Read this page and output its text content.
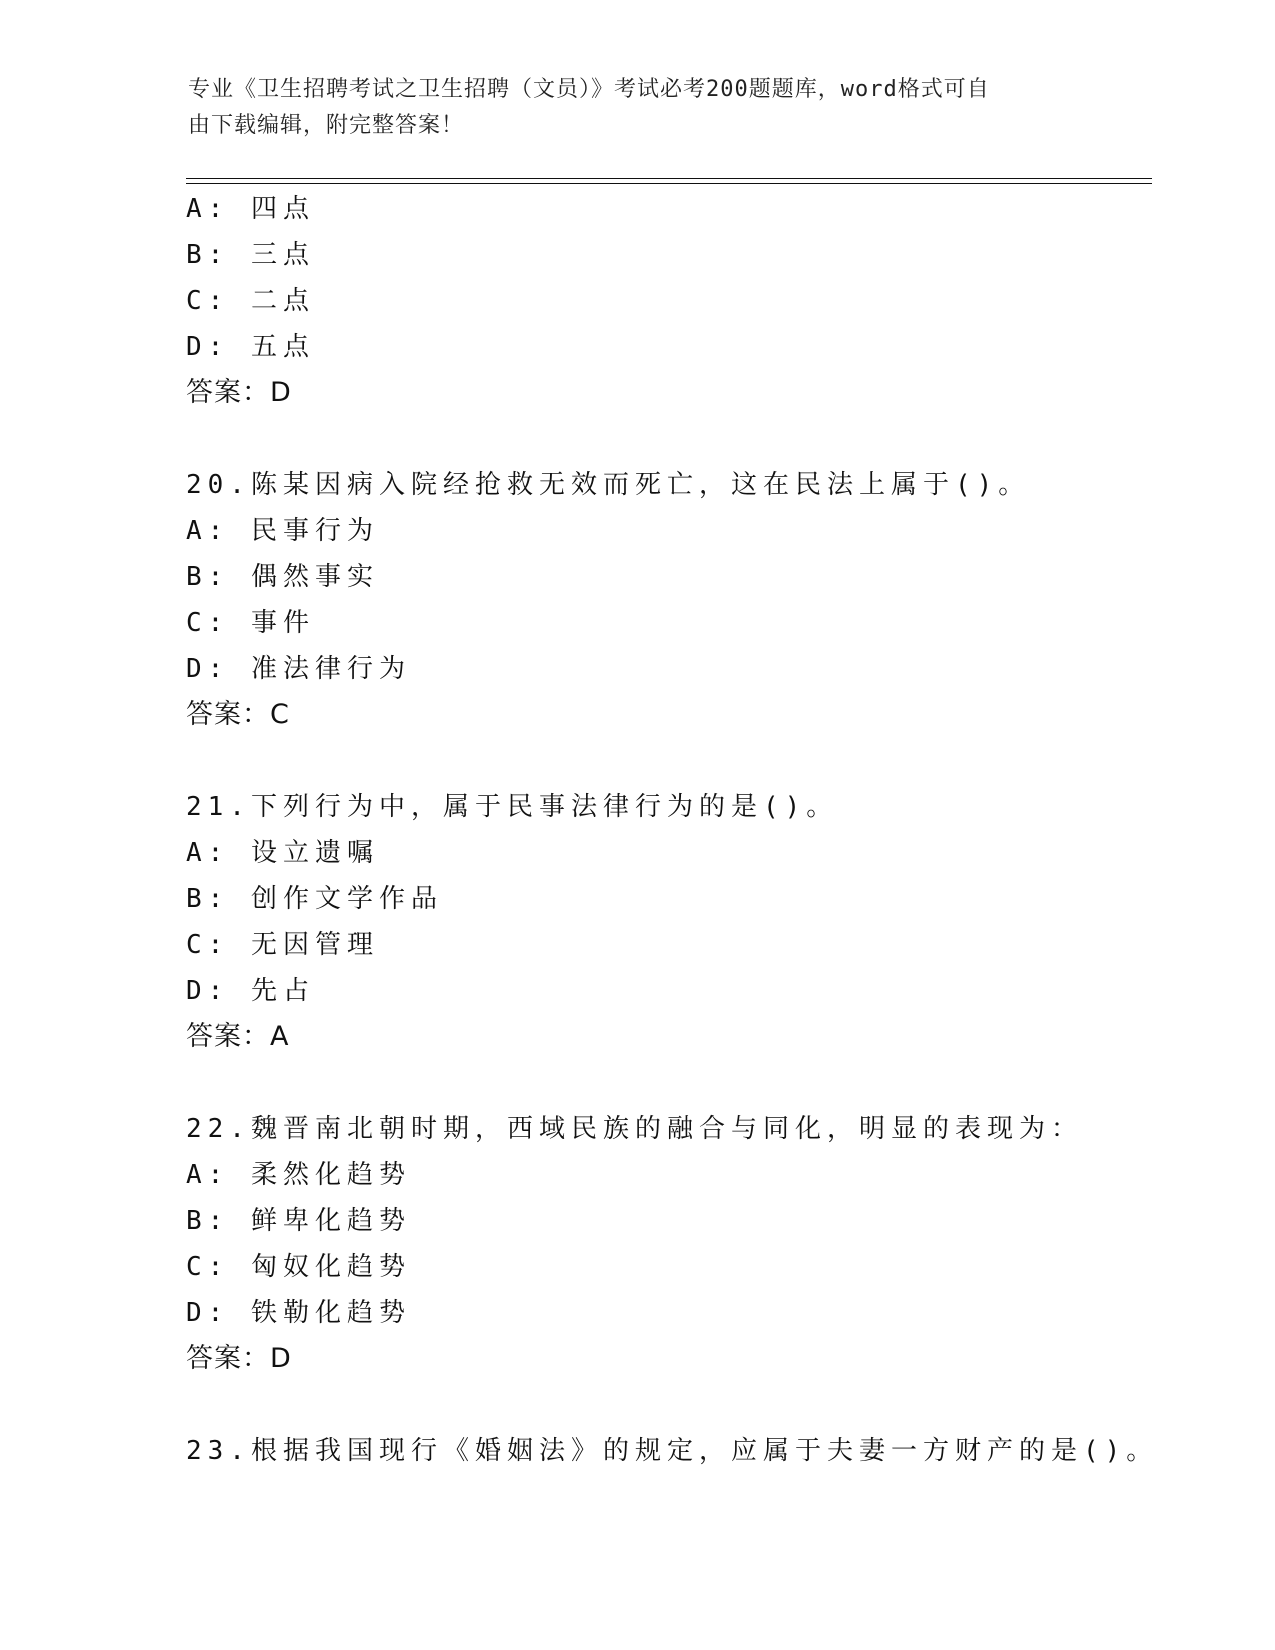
专业《卫生招聘考试之卫生招聘（文员）》考试必考200题题库，word格式可自
由下载编辑，附完整答案！
A: 四点
B: 三点
C: 二点
D: 五点
答案：D
20.陈某因病入院经抢救无效而死亡，这在民法上属于()。
A: 民事行为
B: 偶然事实
C: 事件
D: 准法律行为
答案：C
21.下列行为中，属于民事法律行为的是()。
A: 设立遗嘱
B: 创作文学作品
C: 无因管理
D: 先占
答案：A
22.魏晋南北朝时期，西域民族的融合与同化，明显的表现为：
A: 柔然化趋势
B: 鲜卑化趋势
C: 匈奴化趋势
D: 铁勒化趋势
答案：D
23.根据我国现行《婚姻法》的规定，应属于夫妻一方财产的是()。
